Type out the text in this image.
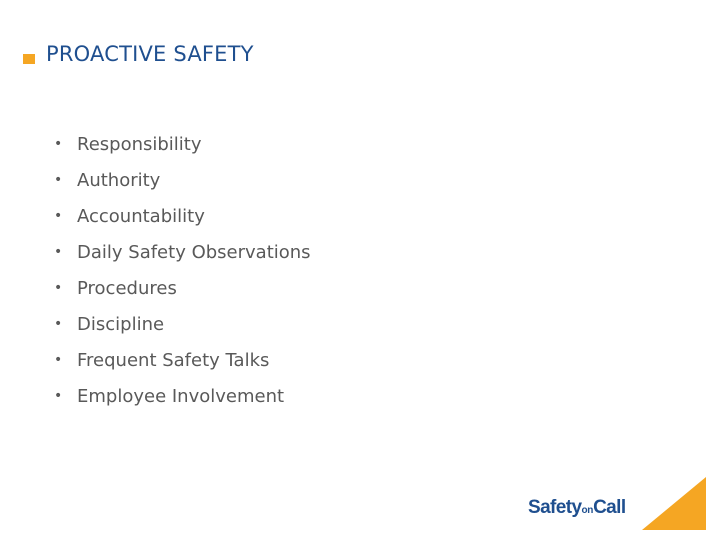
PROACTIVE SAFETY
• Responsibility
• Authority
• Accountability
• Daily Safety Observations
• Procedures
• Discipline
• Frequent Safety Talks
• Employee Involvement
SafetyonCall
